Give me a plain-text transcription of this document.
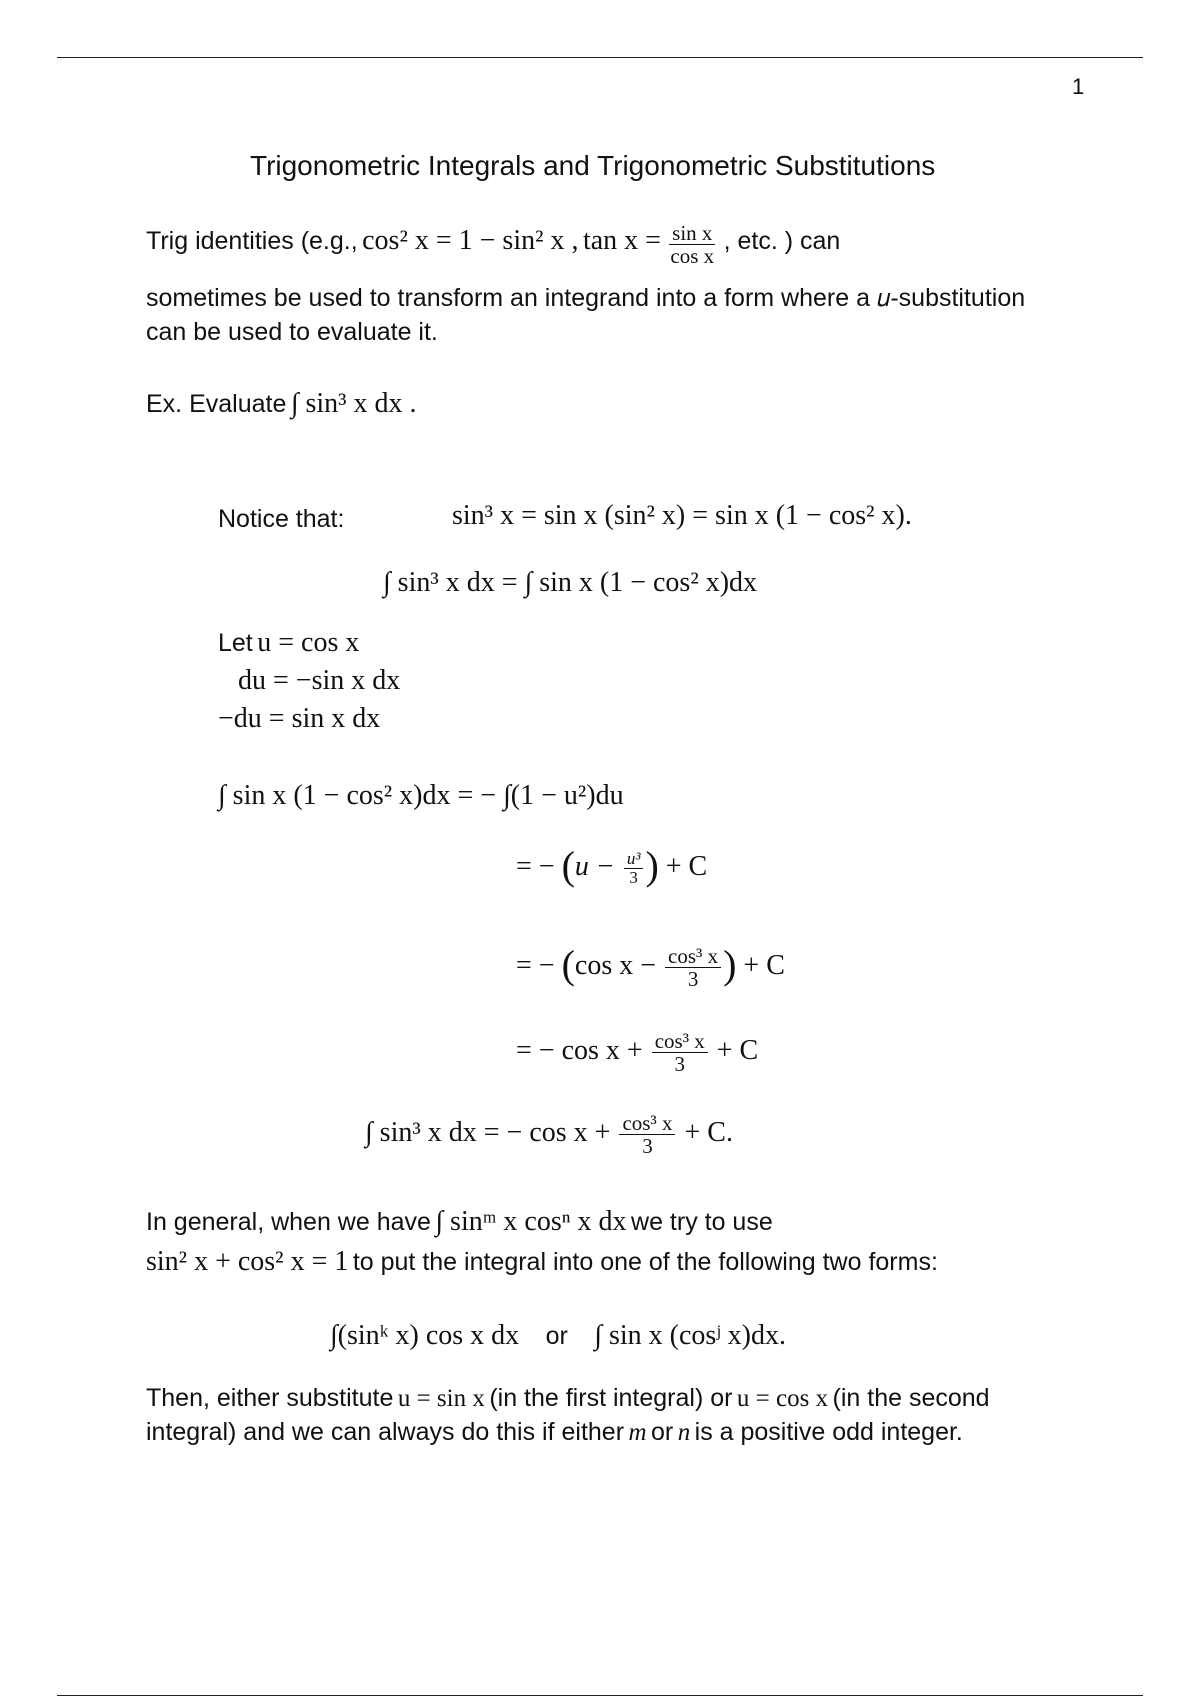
1
Trigonometric Integrals and Trigonometric Substitutions
Trig identities (e.g., cos² x = 1 − sin² x , $\tan x = \frac{\text{sin x}}{\text{cos x}}$ , etc. ) can
sometimes be used to transform an integrand into a form where a 𝑢-substitution
can be used to evaluate it.
Ex. Evaluate ∫ sin³ x dx .
Notice that:	sin³ x = sin x (sin² x) = sin x (1 − cos² x).
∫ sin³ x dx = ∫ sin x (1 − cos² x)dx
Let u = cos x
du = −sin x dx
−du = sin x dx
∫ sin x (1 − cos² x)dx = − ∫(1 − u²)du
= − ($u - \frac{\text{u³}}{3}$ ) + C
= − (cos $x - \frac{\text{cos³ x}}{3}$ ) + C
= − $\cos x + \frac{\text{cos³ x}}{3} + C$
∫ sin³ x dx = − $\cos x + \frac{\text{cos³ x}}{3} + C$.
In general, when we have ∫ sinᵐ x cosⁿ x dx we try to use
sin² x + cos² x = 1 to put the integral into one of the following two forms:
∫(sinᵏ x) cos x dx or ∫ sin x (cosʲ x)dx.
Then, either substitute u = sin x (in the first integral) or u = cos x (in the second
integral) and we can always do this if either m or n is a positive odd integer.
